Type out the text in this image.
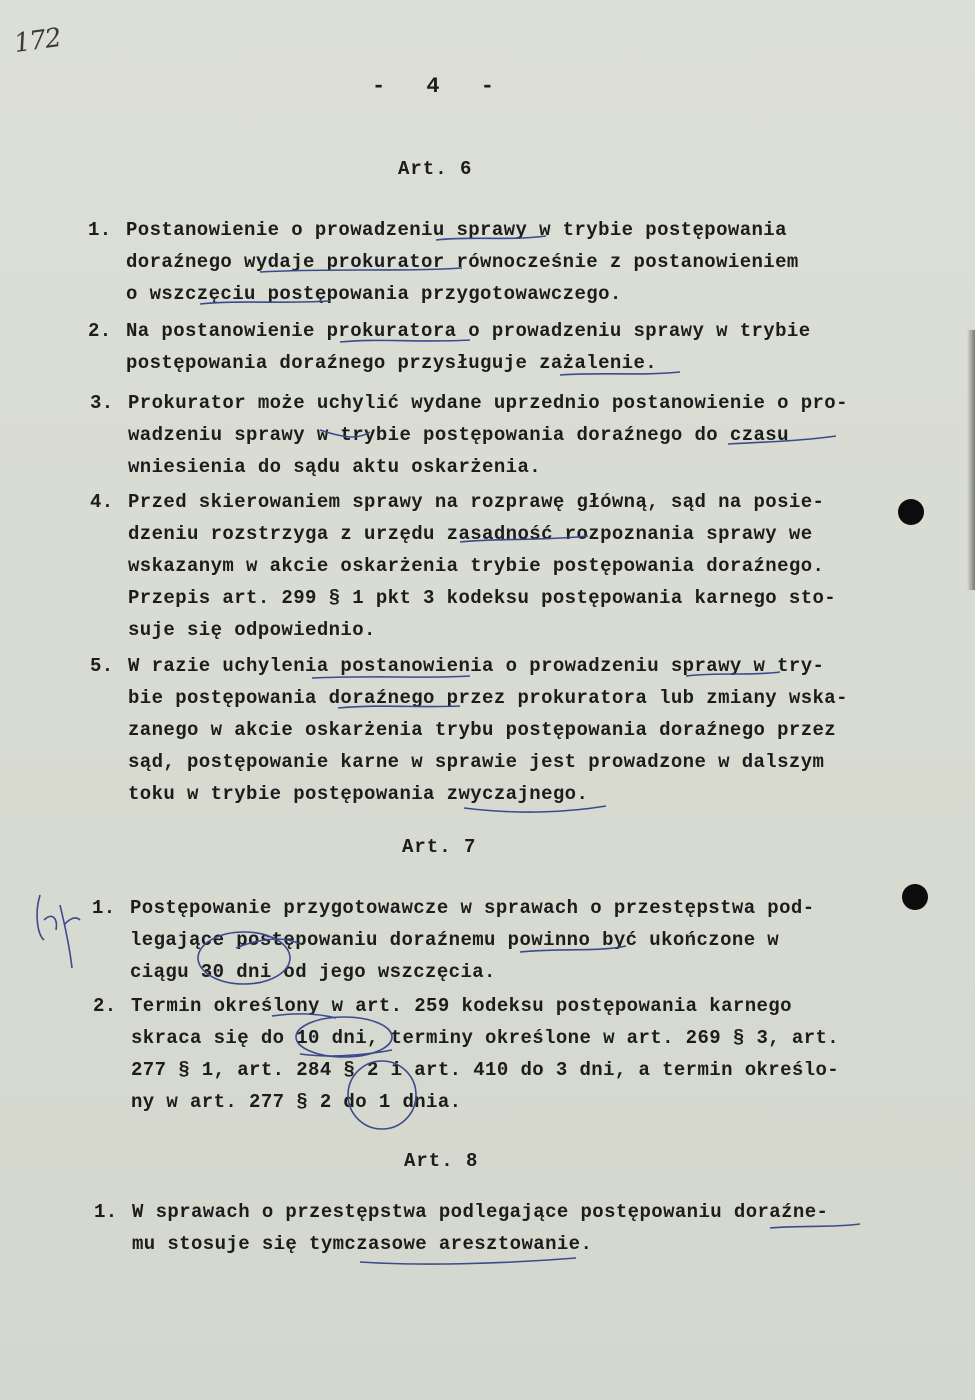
172
- 4 -
Art. 6
1. Postanowienie o prowadzeniu sprawy w trybie postępowania
doraźnego wydaje prokurator równocześnie z postanowieniem
o wszczęciu postępowania przygotowawczego.
2. Na postanowienie prokuratora o prowadzeniu sprawy w trybie
postępowania doraźnego przysługuje zażalenie.
3. Prokurator może uchylić wydane uprzednio postanowienie o pro-
wadzeniu sprawy w trybie postępowania doraźnego do czasu
wniesienia do sądu aktu oskarżenia.
4. Przed skierowaniem sprawy na rozprawę główną, sąd na posie-
dzeniu rozstrzyga z urzędu zasadność rozpoznania sprawy we
wskazanym w akcie oskarżenia trybie postępowania doraźnego.
Przepis art. 299 § 1 pkt 3 kodeksu postępowania karnego sto-
suje się odpowiednio.
5. W razie uchylenia postanowienia o prowadzeniu sprawy w try-
bie postępowania doraźnego przez prokuratora lub zmiany wska-
zanego w akcie oskarżenia trybu postępowania doraźnego przez
sąd, postępowanie karne w sprawie jest prowadzone w dalszym
toku w trybie postępowania zwyczajnego.
Art. 7
1. Postępowanie przygotowawcze w sprawach o przestępstwa pod-
legające postępowaniu doraźnemu powinno być ukończone w
ciągu 30 dni od jego wszczęcia.
2. Termin określony w art. 259 kodeksu postępowania karnego
skraca się do 10 dni, terminy określone w art. 269 § 3, art.
277 § 1, art. 284 § 2 i art. 410 do 3 dni, a termin określo-
ny w art. 277 § 2 do 1 dnia.
Art. 8
1. W sprawach o przestępstwa podlegające postępowaniu doraźne-
mu stosuje się tymczasowe aresztowanie.
